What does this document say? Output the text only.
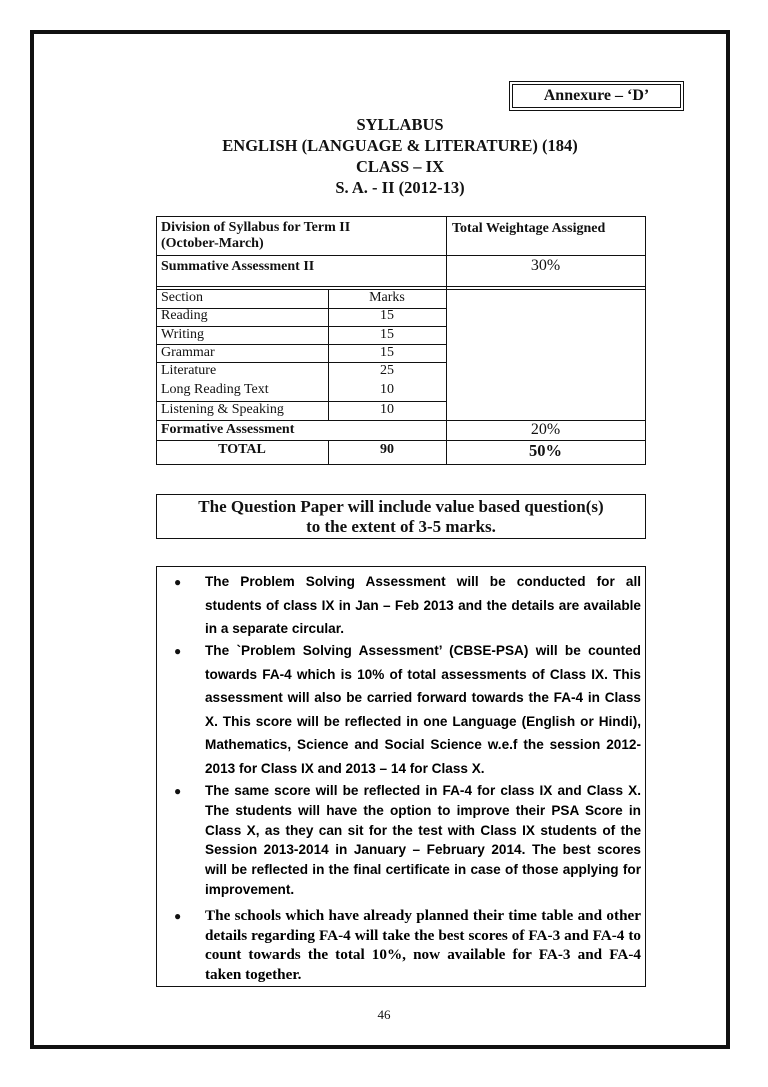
Annexure – ‘D’
SYLLABUS
ENGLISH (LANGUAGE & LITERATURE) (184)
CLASS – IX
S. A. - II (2012-13)
Division of Syllabus for Term II
(October-March)
Total Weightage Assigned
Summative Assessment II	30%
Section	Marks
Reading	15
Writing	15
Grammar	15
Literature	25
Long Reading Text	10
Listening & Speaking	10
Formative Assessment	20%
TOTAL	90	50%
The Question Paper will include value based question(s)
to the extent of 3-5 marks.
● The Problem Solving Assessment will be conducted for all students of class IX in Jan – Feb 2013 and the details are available in a separate circular.
● The `Problem Solving Assessment’ (CBSE-PSA) will be counted towards FA-4 which is 10% of total assessments of Class IX. This assessment will also be carried forward towards the FA-4 in Class X. This score will be reflected in one Language (English or Hindi), Mathematics, Science and Social Science w.e.f the session 2012-2013 for Class IX and 2013 – 14 for Class X.
● The same score will be reflected in FA-4 for class IX and Class X. The students will have the option to improve their PSA Score in Class X, as they can sit for the test with Class IX students of the Session 2013-2014 in January – February 2014. The best scores will be reflected in the final certificate in case of those applying for improvement.
● The schools which have already planned their time table and other details regarding FA-4 will take the best scores of FA-3 and FA-4 to count towards the total 10%, now available for FA-3 and FA-4 taken together.
46
